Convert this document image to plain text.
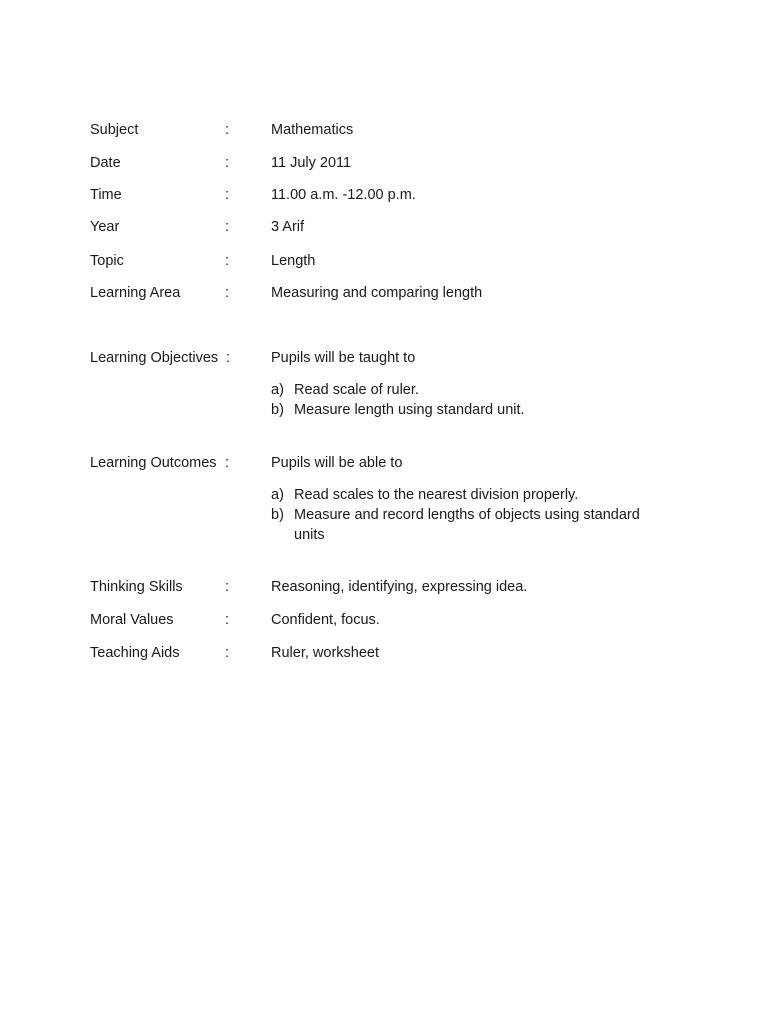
Subject	:	Mathematics
Date	:	11 July 2011
Time	:	11.00 a.m. -12.00 p.m.
Year	:	3 Arif
Topic	:	Length
Learning Area	:	Measuring and comparing length
Learning Objectives :	Pupils will be taught to
a) Read scale of ruler.
b) Measure length using standard unit.
Learning Outcomes :	Pupils will be able to
a) Read scales to the nearest division properly.
b) Measure and record lengths of objects using standard units
Thinking Skills	:	Reasoning, identifying, expressing idea.
Moral Values	:	Confident, focus.
Teaching Aids	:	Ruler, worksheet
